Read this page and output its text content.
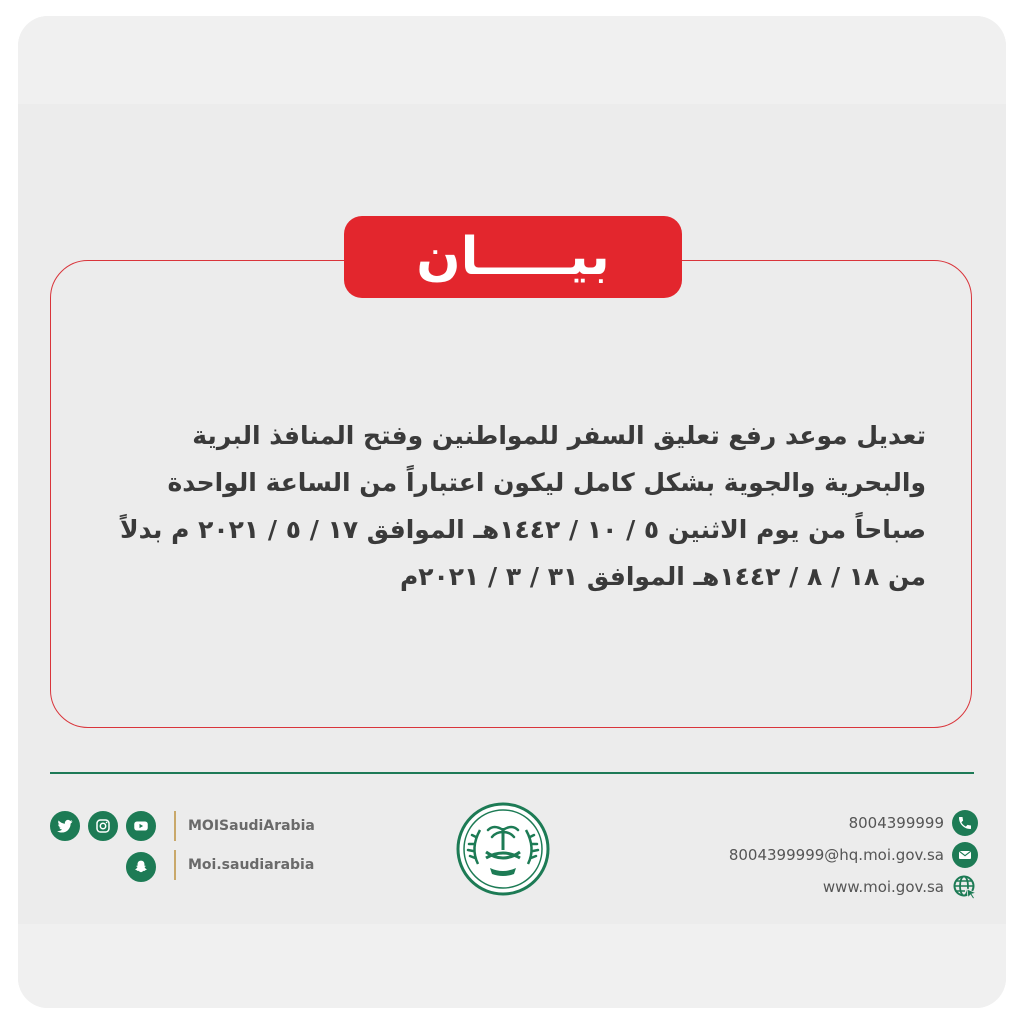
بيـــــان
تعديل موعد رفع تعليق السفر للمواطنين وفتح المنافذ البرية
والبحرية والجوية بشكل كامل ليكون اعتباراً من الساعة الواحدة
صباحاً من يوم الاثنين ٥ / ١٠ / ١٤٤٢هـ الموافق ١٧ / ٥ / ٢٠٢١ م بدلاً
من ١٨ / ٨ / ١٤٤٢هـ الموافق ٣١ / ٣ / ٢٠٢١م
MOISaudiArabia
Moi.saudiarabia
8004399999
8004399999@hq.moi.gov.sa
www.moi.gov.sa
